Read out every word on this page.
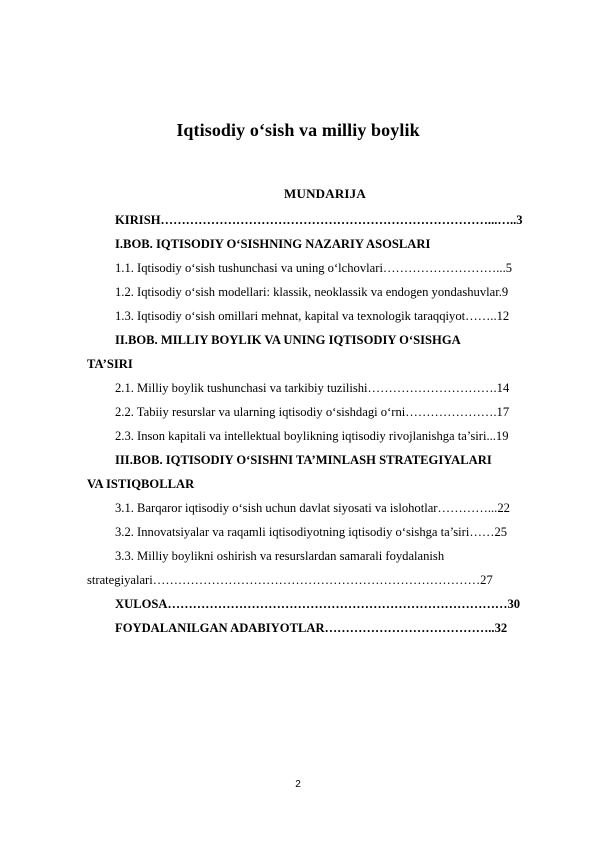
Iqtisodiy o‘sish va milliy boylik
MUNDARIJA
KIRISH……………………………………………………………………...…..3
I.BOB. IQTISODIY O‘SISHNING NAZARIY ASOSLARI
1.1. Iqtisodiy o‘sish tushunchasi va uning o‘lchovlari………………………...5
1.2. Iqtisodiy o‘sish modellari: klassik, neoklassik va endogen yondashuvlar.9
1.3. Iqtisodiy o‘sish omillari mehnat, kapital va texnologik taraqqiyot……..12
II.BOB. MILLIY BOYLIK VA UNING IQTISODIY O‘SISHGA
TA’SIRI
2.1. Milliy boylik tushunchasi va tarkibiy tuzilishi………………………….14
2.2. Tabiiy resurslar va ularning iqtisodiy o‘sishdagi o‘rni………………….17
2.3. Inson kapitali va intellektual boylikning iqtisodiy rivojlanishga ta’siri...19
III.BOB. IQTISODIY O‘SISHNI TA’MINLASH STRATEGIYALARI
VA ISTIQBOLLAR
3.1. Barqaror iqtisodiy o‘sish uchun davlat siyosati va islohotlar…………...22
3.2. Innovatsiyalar va raqamli iqtisodiyotning iqtisodiy o‘sishga ta’siri……25
3.3. Milliy boylikni oshirish va resurslardan samarali foydalanish
strategiyalari……………………………………………………………………27
XULOSA………………………………………………………………………30
FOYDALANILGAN ADABIYOTLAR…………………………………..32
2
